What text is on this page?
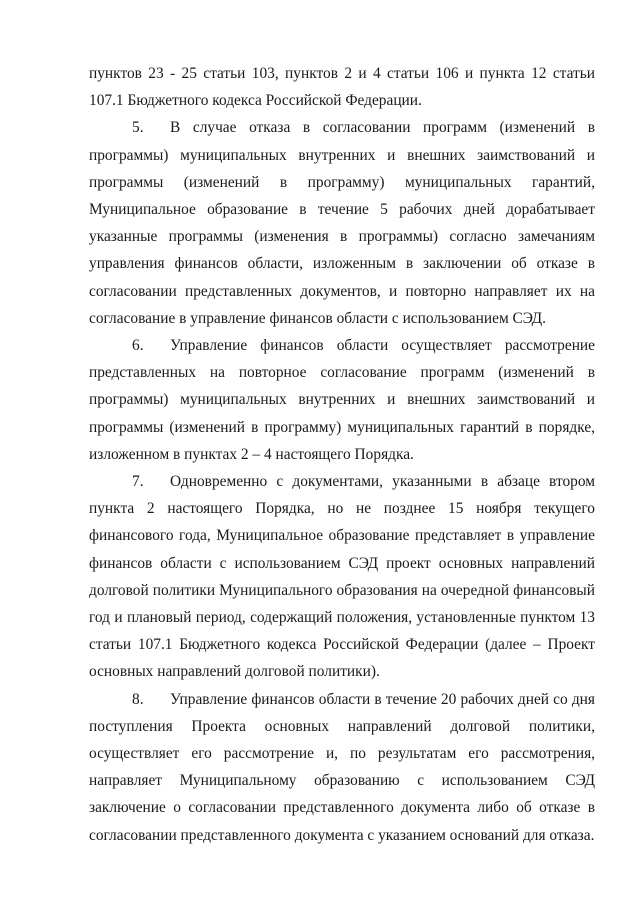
пунктов 23 - 25 статьи 103, пунктов 2 и 4 статьи 106 и пункта 12 статьи 107.1 Бюджетного кодекса Российской Федерации.

5. В случае отказа в согласовании программ (изменений в программы) муниципальных внутренних и внешних заимствований и программы (изменений в программу) муниципальных гарантий, Муниципальное образование в течение 5 рабочих дней дорабатывает указанные программы (изменения в программы) согласно замечаниям управления финансов области, изложенным в заключении об отказе в согласовании представленных документов, и повторно направляет их на согласование в управление финансов области с использованием СЭД.

6. Управление финансов области осуществляет рассмотрение представленных на повторное согласование программ (изменений в программы) муниципальных внутренних и внешних заимствований и программы (изменений в программу) муниципальных гарантий в порядке, изложенном в пунктах 2 – 4 настоящего Порядка.

7. Одновременно с документами, указанными в абзаце втором пункта 2 настоящего Порядка, но не позднее 15 ноября текущего финансового года, Муниципальное образование представляет в управление финансов области с использованием СЭД проект основных направлений долговой политики Муниципального образования на очередной финансовый год и плановый период, содержащий положения, установленные пунктом 13 статьи 107.1 Бюджетного кодекса Российской Федерации (далее – Проект основных направлений долговой политики).

8. Управление финансов области в течение 20 рабочих дней со дня поступления Проекта основных направлений долговой политики, осуществляет его рассмотрение и, по результатам его рассмотрения, направляет Муниципальному образованию с использованием СЭД заключение о согласовании представленного документа либо об отказе в согласовании представленного документа с указанием оснований для отказа.
